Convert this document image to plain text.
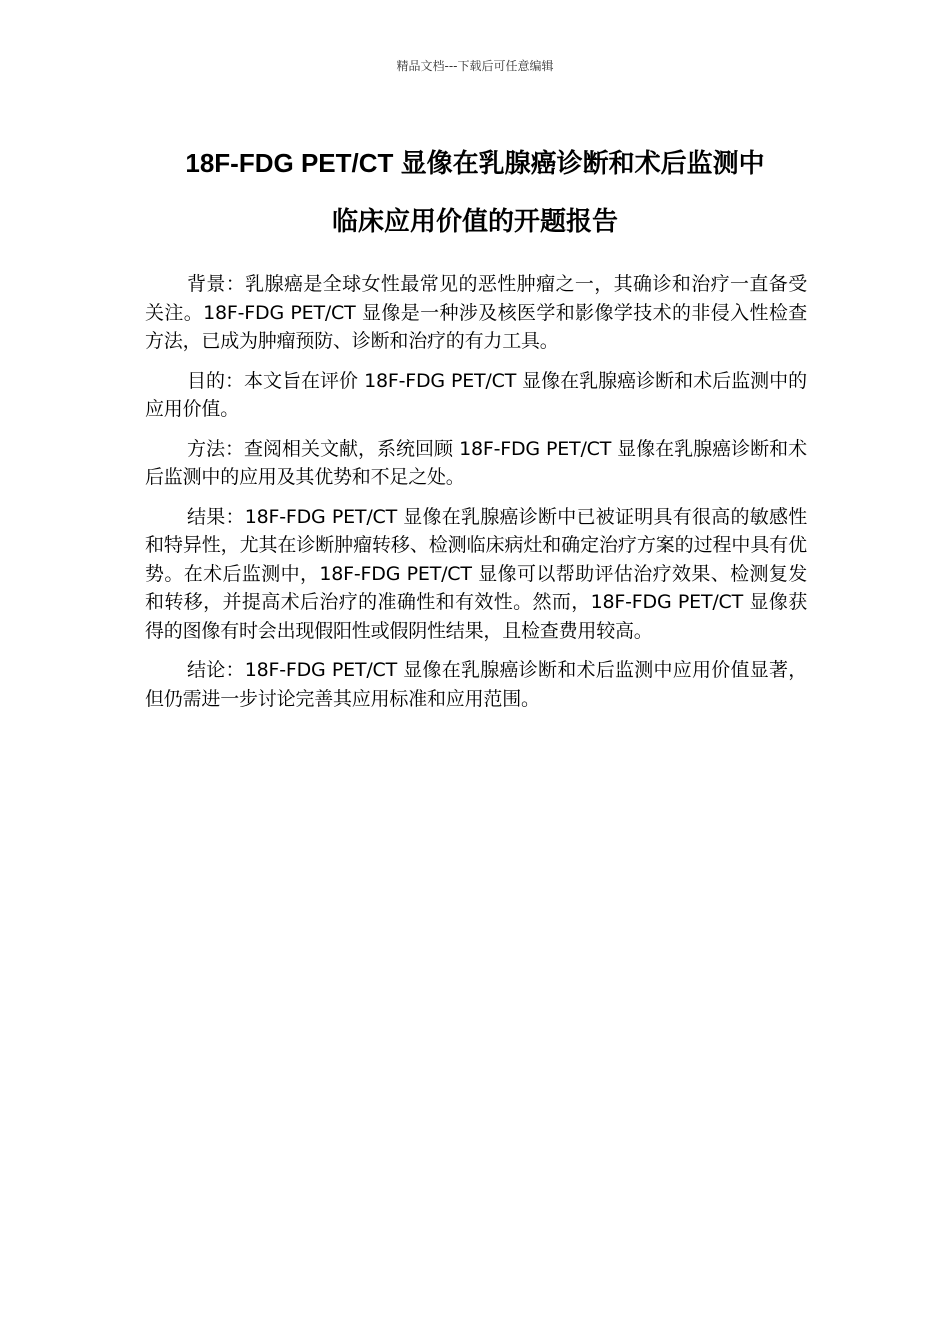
精品文档---下载后可任意编辑
18F-FDG PET/CT 显像在乳腺癌诊断和术后监测中
临床应用价值的开题报告

背景：乳腺癌是全球女性最常见的恶性肿瘤之一，其确诊和治疗一直备受关注。18F-FDG PET/CT 显像是一种涉及核医学和影像学技术的非侵入性检查方法，已成为肿瘤预防、诊断和治疗的有力工具。

目的：本文旨在评价 18F-FDG PET/CT 显像在乳腺癌诊断和术后监测中的应用价值。

方法：查阅相关文献，系统回顾 18F-FDG PET/CT 显像在乳腺癌诊断和术后监测中的应用及其优势和不足之处。

结果：18F-FDG PET/CT 显像在乳腺癌诊断中已被证明具有很高的敏感性和特异性，尤其在诊断肿瘤转移、检测临床病灶和确定治疗方案的过程中具有优势。在术后监测中，18F-FDG PET/CT 显像可以帮助评估治疗效果、检测复发和转移，并提高术后治疗的准确性和有效性。然而，18F-FDG PET/CT 显像获得的图像有时会出现假阳性或假阴性结果，且检查费用较高。

结论：18F-FDG PET/CT 显像在乳腺癌诊断和术后监测中应用价值显著，但仍需进一步讨论完善其应用标准和应用范围。
